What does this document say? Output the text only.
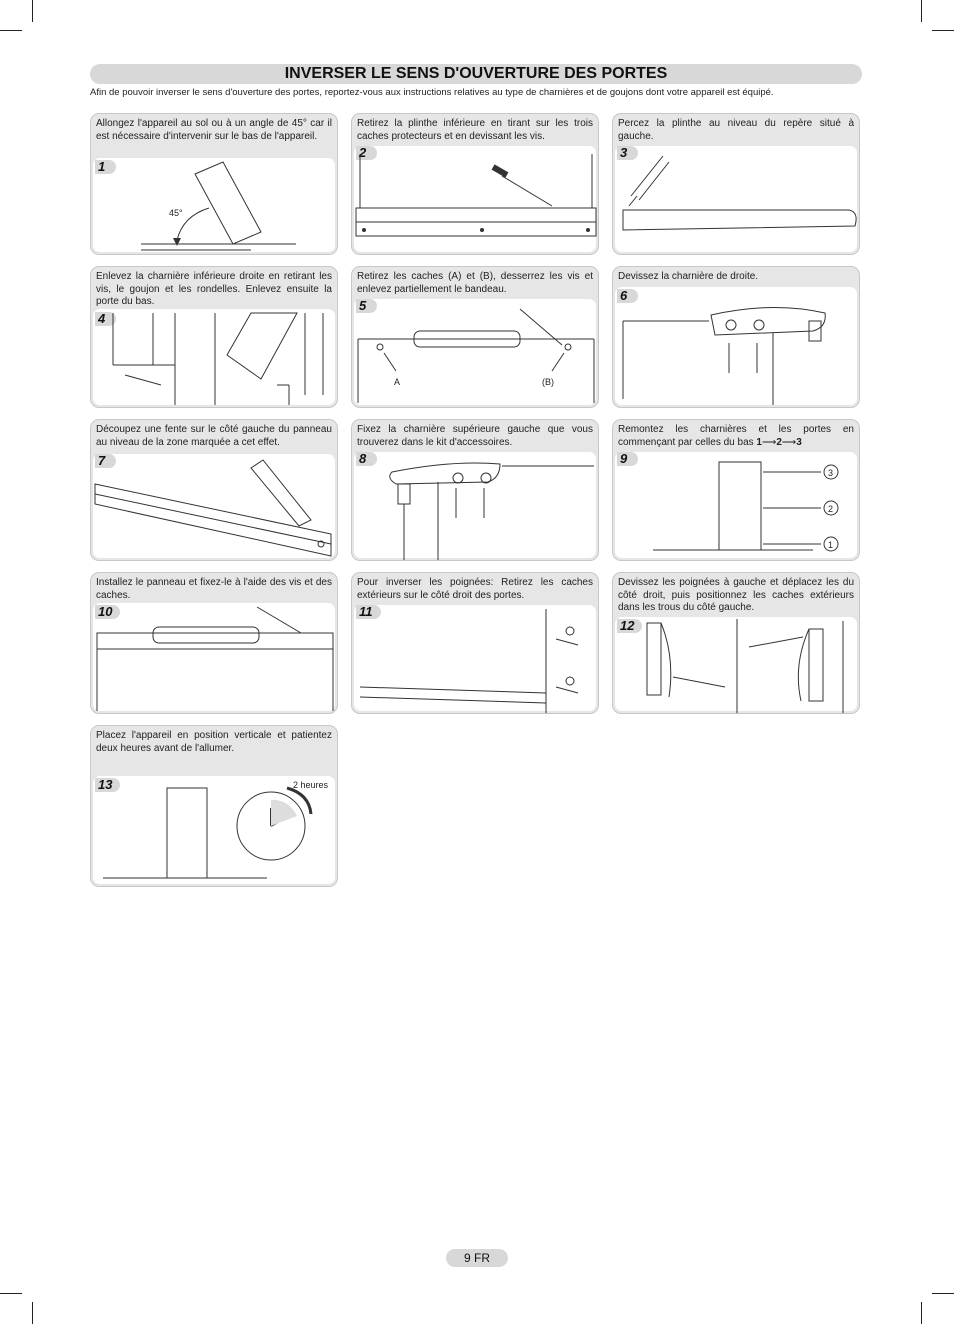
INVERSER LE SENS D'OUVERTURE DES PORTES
Afin de pouvoir inverser le sens d'ouverture des portes, reportez-vous aux instructions relatives au type de charnières et de goujons dont votre appareil est équipé.
Allongez l'appareil au sol ou à un angle de 45° car il est nécessaire d'intervenir sur le bas de l'appareil.
1
45°
Retirez la plinthe inférieure en tirant sur les trois caches protecteurs et en devissant les vis.
2
Percez la plinthe au niveau du repère situé à gauche.
3
Enlevez la charnière inférieure droite en retirant les vis, le goujon et les rondelles. Enlevez ensuite la porte du bas.
4
Retirez les caches (A) et (B), desserrez les vis et enlevez partiellement le bandeau.
5
A	(B)
Devissez la charnière de droite.
6
Découpez une fente sur le côté gauche du panneau au niveau de la zone marquée a cet effet.
7
Fixez la charnière supérieure gauche que vous trouverez dans le kit d'accessoires.
8
Remontez les charnières et les portes en commençant par celles du bas 1⟶2⟶3
9
3
2
1
Installez le panneau et fixez-le à l'aide des vis et des caches.
10
Pour inverser les poignées: Retirez les caches extérieurs sur le côté droit des portes.
11
Devissez les poignées à gauche et déplacez les du côté droit, puis positionnez les caches extérieurs dans les trous du côté gauche.
12
Placez l'appareil en position verticale et patientez deux heures avant de l'allumer.
13	2 heures
9 FR
